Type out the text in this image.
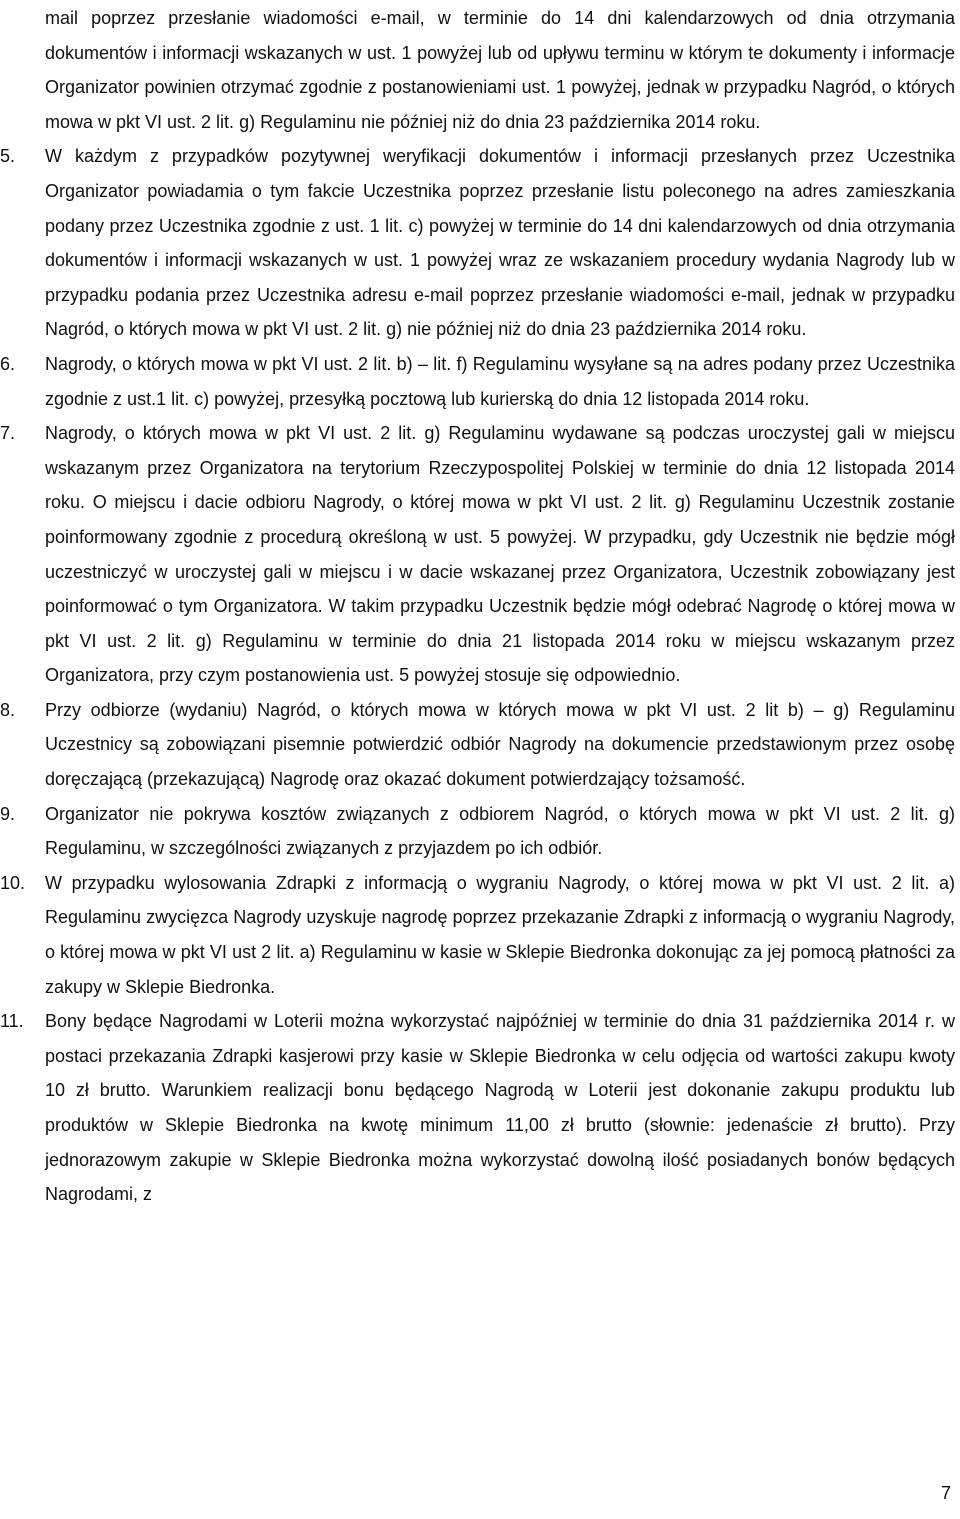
mail poprzez przesłanie wiadomości e-mail, w terminie do 14 dni kalendarzowych od dnia otrzymania dokumentów i informacji wskazanych w ust. 1 powyżej lub od upływu terminu w którym te dokumenty i informacje Organizator powinien otrzymać zgodnie z postanowieniami ust. 1 powyżej, jednak w przypadku Nagród, o których mowa w pkt VI ust. 2 lit. g) Regulaminu nie później niż do dnia 23 października 2014 roku.
5. W każdym z przypadków pozytywnej weryfikacji dokumentów i informacji przesłanych przez Uczestnika Organizator powiadamia o tym fakcie Uczestnika poprzez przesłanie listu poleconego na adres zamieszkania podany przez Uczestnika zgodnie z ust. 1 lit. c) powyżej w terminie do 14 dni kalendarzowych od dnia otrzymania dokumentów i informacji wskazanych w ust. 1 powyżej wraz ze wskazaniem procedury wydania Nagrody lub w przypadku podania przez Uczestnika adresu e-mail poprzez przesłanie wiadomości e-mail, jednak w przypadku Nagród, o których mowa w pkt VI ust. 2 lit. g) nie później niż do dnia 23 października 2014 roku.
6. Nagrody, o których mowa w pkt VI ust. 2 lit. b) – lit. f) Regulaminu wysyłane są na adres podany przez Uczestnika zgodnie z ust.1 lit. c) powyżej, przesyłką pocztową lub kurierską do dnia 12 listopada 2014 roku.
7. Nagrody, o których mowa w pkt VI ust. 2 lit. g) Regulaminu wydawane są podczas uroczystej gali w miejscu wskazanym przez Organizatora na terytorium Rzeczypospolitej Polskiej w terminie do dnia 12 listopada 2014 roku. O miejscu i dacie odbioru Nagrody, o której mowa w pkt VI ust. 2 lit. g) Regulaminu Uczestnik zostanie poinformowany zgodnie z procedurą określoną w ust. 5 powyżej. W przypadku, gdy Uczestnik nie będzie mógł uczestniczyć w uroczystej gali w miejscu i w dacie wskazanej przez Organizatora, Uczestnik zobowiązany jest poinformować o tym Organizatora. W takim przypadku Uczestnik będzie mógł odebrać Nagrodę o której mowa w pkt VI ust. 2 lit. g) Regulaminu w terminie do dnia 21 listopada 2014 roku w miejscu wskazanym przez Organizatora, przy czym postanowienia ust. 5 powyżej stosuje się odpowiednio.
8. Przy odbiorze (wydaniu) Nagród, o których mowa w których mowa w pkt VI ust. 2 lit b) – g) Regulaminu Uczestnicy są zobowiązani pisemnie potwierdzić odbiór Nagrody na dokumencie przedstawionym przez osobę doręczającą (przekazującą) Nagrodę oraz okazać dokument potwierdzający tożsamość.
9. Organizator nie pokrywa kosztów związanych z odbiorem Nagród, o których mowa w pkt VI ust. 2 lit. g) Regulaminu, w szczególności związanych z przyjazdem po ich odbiór.
10. W przypadku wylosowania Zdrapki z informacją o wygraniu Nagrody, o której mowa w pkt VI ust. 2 lit. a) Regulaminu zwycięzca Nagrody uzyskuje nagrodę poprzez przekazanie Zdrapki z informacją o wygraniu Nagrody, o której mowa w pkt VI ust 2 lit. a) Regulaminu w kasie w Sklepie Biedronka dokonując za jej pomocą płatności za zakupy w Sklepie Biedronka.
11. Bony będące Nagrodami w Loterii można wykorzystać najpóźniej w terminie do dnia 31 października 2014 r. w postaci przekazania Zdrapki kasjerowi przy kasie w Sklepie Biedronka w celu odjęcia od wartości zakupu kwoty 10 zł brutto. Warunkiem realizacji bonu będącego Nagrodą w Loterii jest dokonanie zakupu produktu lub produktów w Sklepie Biedronka na kwotę minimum 11,00 zł brutto (słownie: jedenaście zł brutto). Przy jednorazowym zakupie w Sklepie Biedronka można wykorzystać dowolną ilość posiadanych bonów będących Nagrodami, z
7
